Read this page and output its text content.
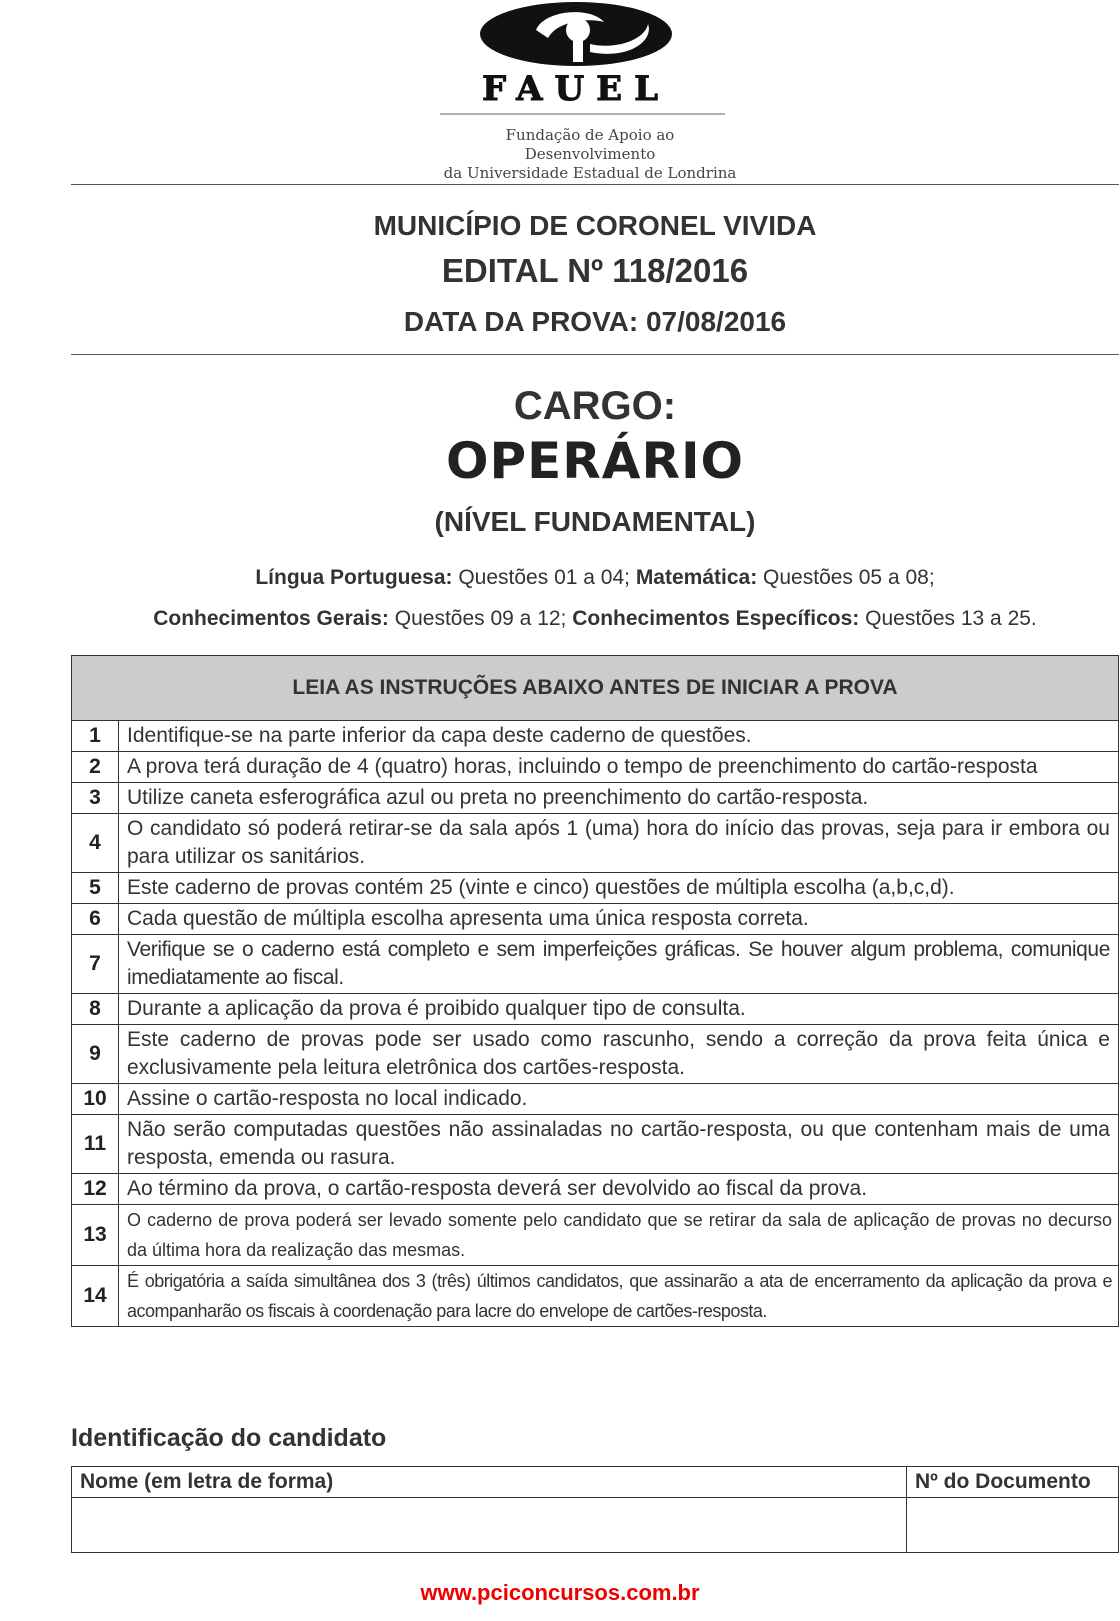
FAUEL
Fundação de Apoio ao Desenvolvimento
da Universidade Estadual de Londrina
MUNICÍPIO DE CORONEL VIVIDA
EDITAL Nº 118/2016
DATA DA PROVA: 07/08/2016
CARGO:
OPERÁRIO
(NÍVEL FUNDAMENTAL)
Língua Portuguesa: Questões 01 a 04; Matemática: Questões 05 a 08;
Conhecimentos Gerais: Questões 09 a 12; Conhecimentos Específicos: Questões 13 a 25.
LEIA AS INSTRUÇÕES ABAIXO ANTES DE INICIAR A PROVA	
1	Identifique-se na parte inferior da capa deste caderno de questões.
2	A prova terá duração de 4 (quatro) horas, incluindo o tempo de preenchimento do cartão-resposta
3	Utilize caneta esferográfica azul ou preta no preenchimento do cartão-resposta.
4	O candidato só poderá retirar-se da sala após 1 (uma) hora do início das provas, seja para ir embora ou para utilizar os sanitários.
5	Este caderno de provas contém 25 (vinte e cinco) questões de múltipla escolha (a,b,c,d).
6	Cada questão de múltipla escolha apresenta uma única resposta correta.
7	Verifique se o caderno está completo e sem imperfeições gráficas. Se houver algum problema, comunique imediatamente ao fiscal.
8	Durante a aplicação da prova é proibido qualquer tipo de consulta.
9	Este caderno de provas pode ser usado como rascunho, sendo a correção da prova feita única e exclusivamente pela leitura eletrônica dos cartões-resposta.
10	Assine o cartão-resposta no local indicado.
11	Não serão computadas questões não assinaladas no cartão-resposta, ou que contenham mais de uma resposta, emenda ou rasura.
12	Ao término da prova, o cartão-resposta deverá ser devolvido ao fiscal da prova.
13	O caderno de prova poderá ser levado somente pelo candidato que se retirar da sala de aplicação de provas no decurso da última hora da realização das mesmas.
14	É obrigatória a saída simultânea dos 3 (três) últimos candidatos, que assinarão a ata de encerramento da aplicação da prova e acompanharão os fiscais à coordenação para lacre do envelope de cartões-resposta.
Identificação do candidato
Nome (em letra de forma)	Nº do Documento

www.pciconcursos.com.br
